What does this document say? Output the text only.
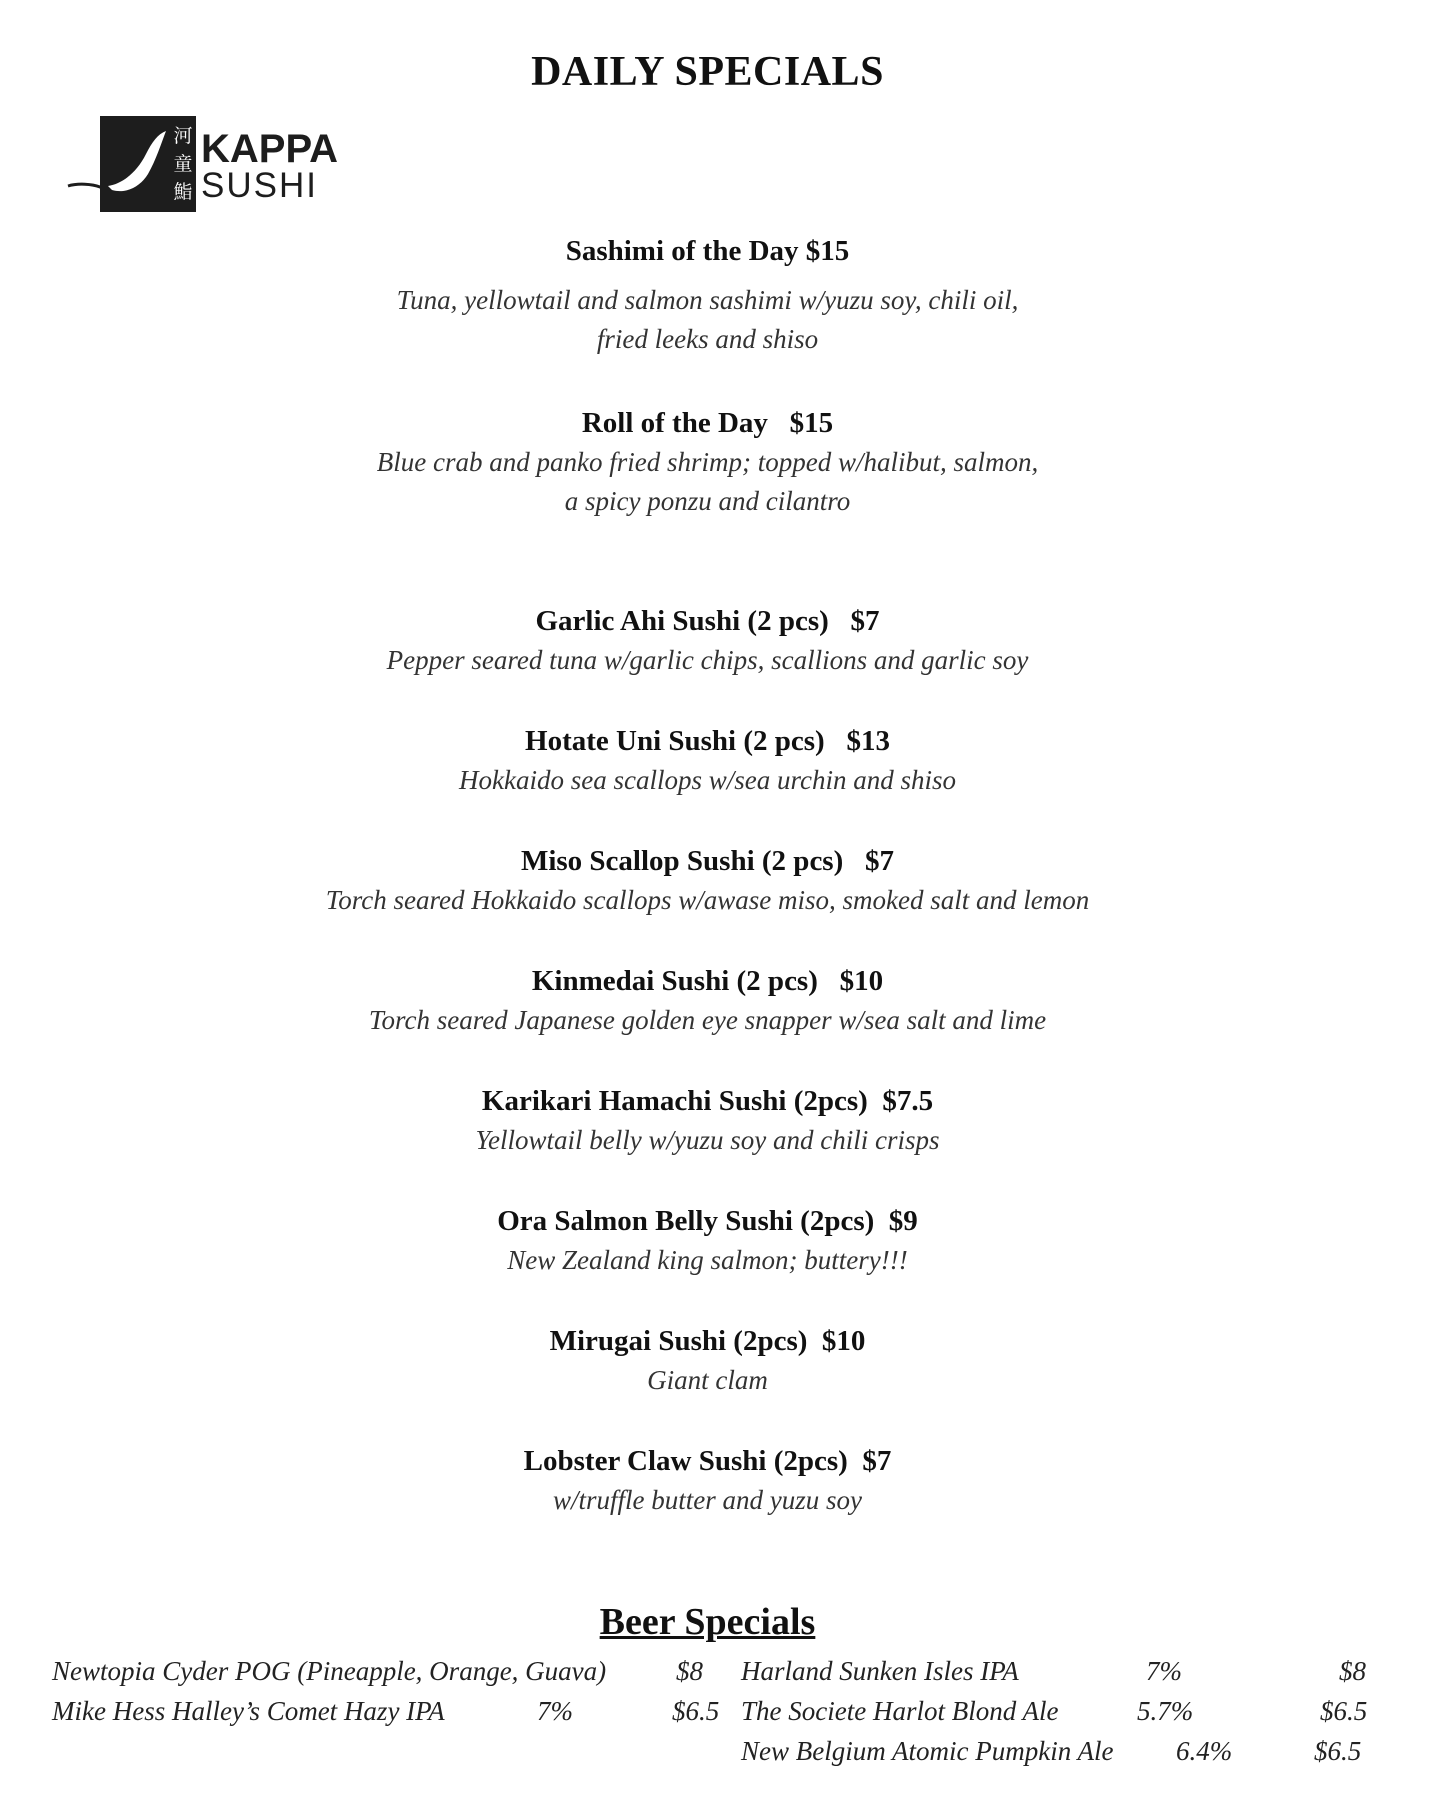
DAILY SPECIALS
河
童
鮨
KAPPA
SUSHI
Sashimi of the Day $15
Tuna, yellowtail and salmon sashimi w/yuzu soy, chili oil,
fried leeks and shiso
Roll of the Day   $15
Blue crab and panko fried shrimp; topped w/halibut, salmon,
a spicy ponzu and cilantro
Garlic Ahi Sushi (2 pcs)   $7
Pepper seared tuna w/garlic chips, scallions and garlic soy
Hotate Uni Sushi (2 pcs)   $13
Hokkaido sea scallops w/sea urchin and shiso
Miso Scallop Sushi (2 pcs)   $7
Torch seared Hokkaido scallops w/awase miso, smoked salt and lemon
Kinmedai Sushi (2 pcs)   $10
Torch seared Japanese golden eye snapper w/sea salt and lime
Karikari Hamachi Sushi (2pcs)  $7.5
Yellowtail belly w/yuzu soy and chili crisps
Ora Salmon Belly Sushi (2pcs)  $9
New Zealand king salmon; buttery!!!
Mirugai Sushi (2pcs)  $10
Giant clam
Lobster Claw Sushi (2pcs)  $7
w/truffle butter and yuzu soy
Beer Specials
Newtopia Cyder POG (Pineapple, Orange, Guava)	$8
Mike Hess Halley’s Comet Hazy IPA	7%	$6.5
Harland Sunken Isles IPA	7%	$8
The Societe Harlot Blond Ale	5.7%	$6.5
New Belgium Atomic Pumpkin Ale 6.4%	$6.5
